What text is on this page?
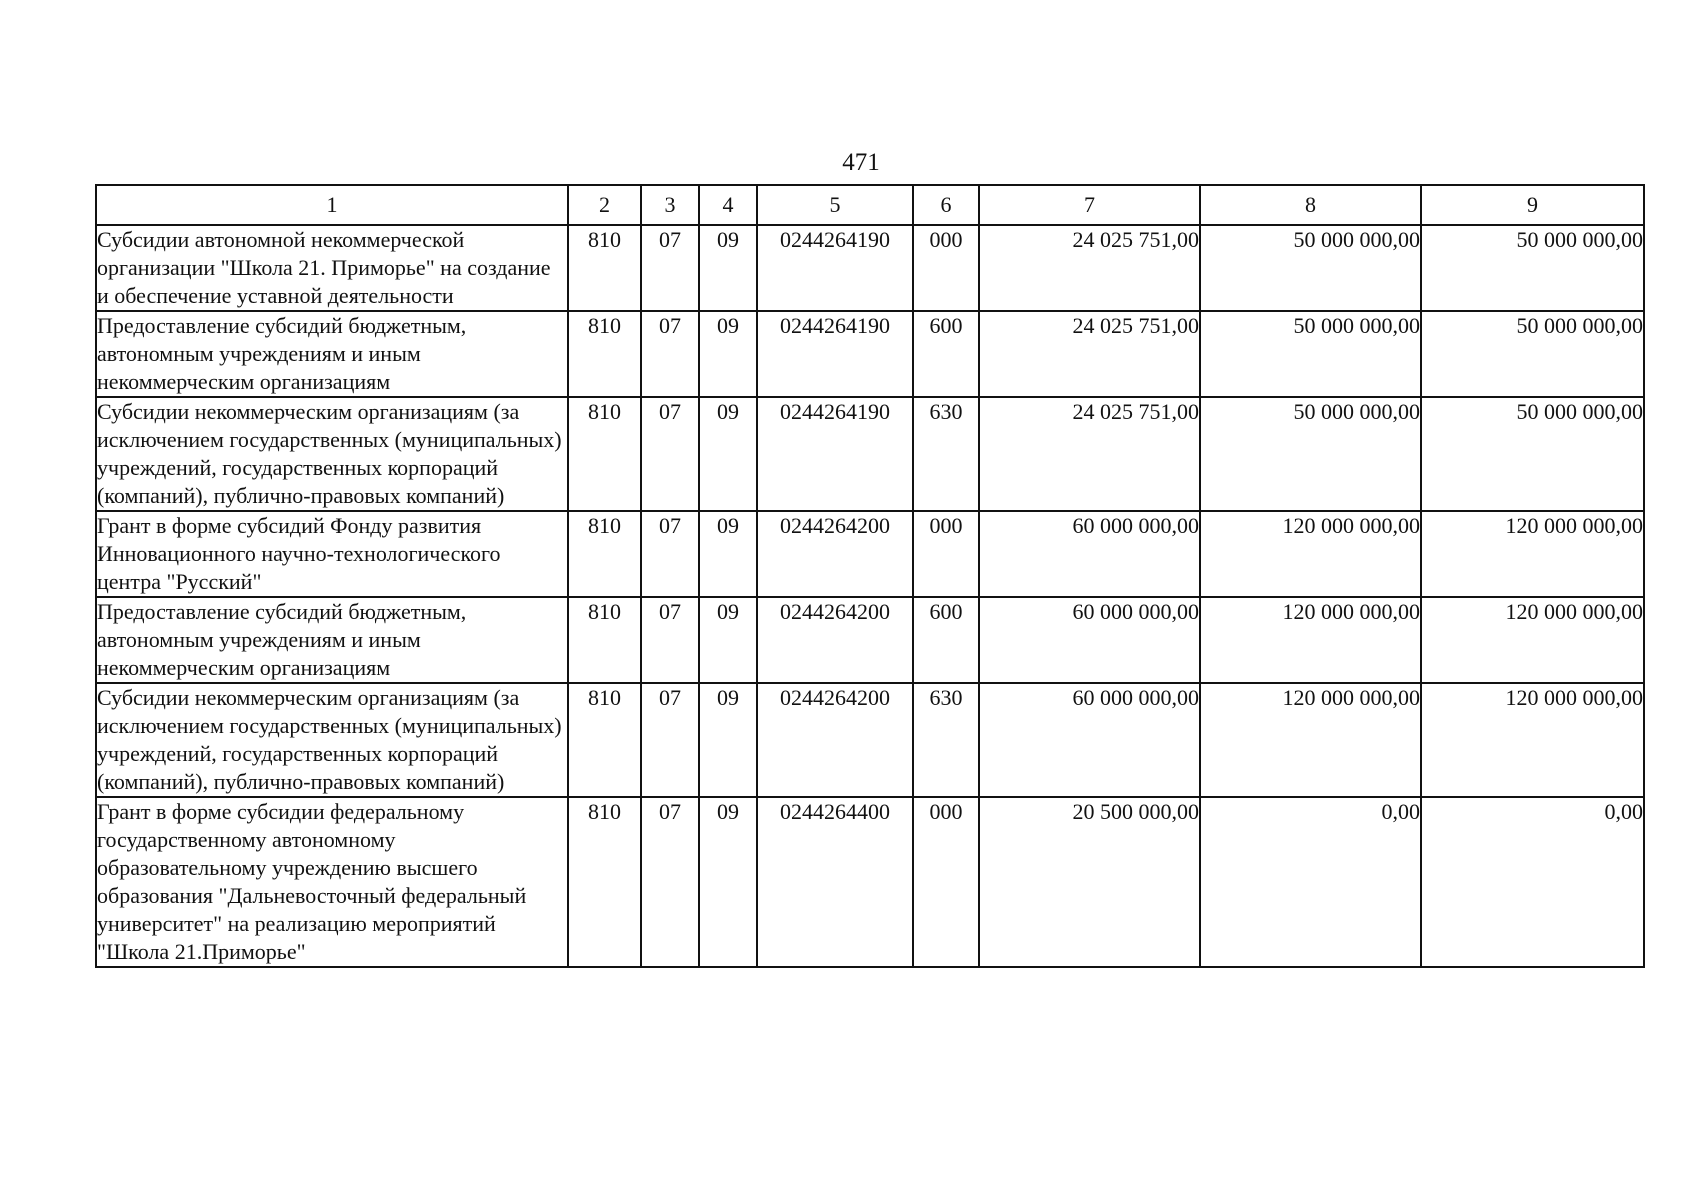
471
1	2	3	4	5	6	7	8	9
Субсидии автономной некоммерческой организации "Школа 21. Приморье" на создание и обеспечение уставной деятельности	810	07	09	0244264190	000	24 025 751,00	50 000 000,00	50 000 000,00
Предоставление субсидий бюджетным, автономным учреждениям и иным некоммерческим организациям	810	07	09	0244264190	600	24 025 751,00	50 000 000,00	50 000 000,00
Субсидии некоммерческим организациям (за исключением государственных (муниципальных) учреждений, государственных корпораций (компаний), публично-правовых компаний)	810	07	09	0244264190	630	24 025 751,00	50 000 000,00	50 000 000,00
Грант в форме субсидий Фонду развития Инновационного научно-технологического центра "Русский"	810	07	09	0244264200	000	60 000 000,00	120 000 000,00	120 000 000,00
Предоставление субсидий бюджетным, автономным учреждениям и иным некоммерческим организациям	810	07	09	0244264200	600	60 000 000,00	120 000 000,00	120 000 000,00
Субсидии некоммерческим организациям (за исключением государственных (муниципальных) учреждений, государственных корпораций (компаний), публично-правовых компаний)	810	07	09	0244264200	630	60 000 000,00	120 000 000,00	120 000 000,00
Грант в форме субсидии федеральному государственному автономному образовательному учреждению высшего образования "Дальневосточный федеральный университет" на реализацию мероприятий "Школа 21.Приморье"	810	07	09	0244264400	000	20 500 000,00	0,00	0,00
